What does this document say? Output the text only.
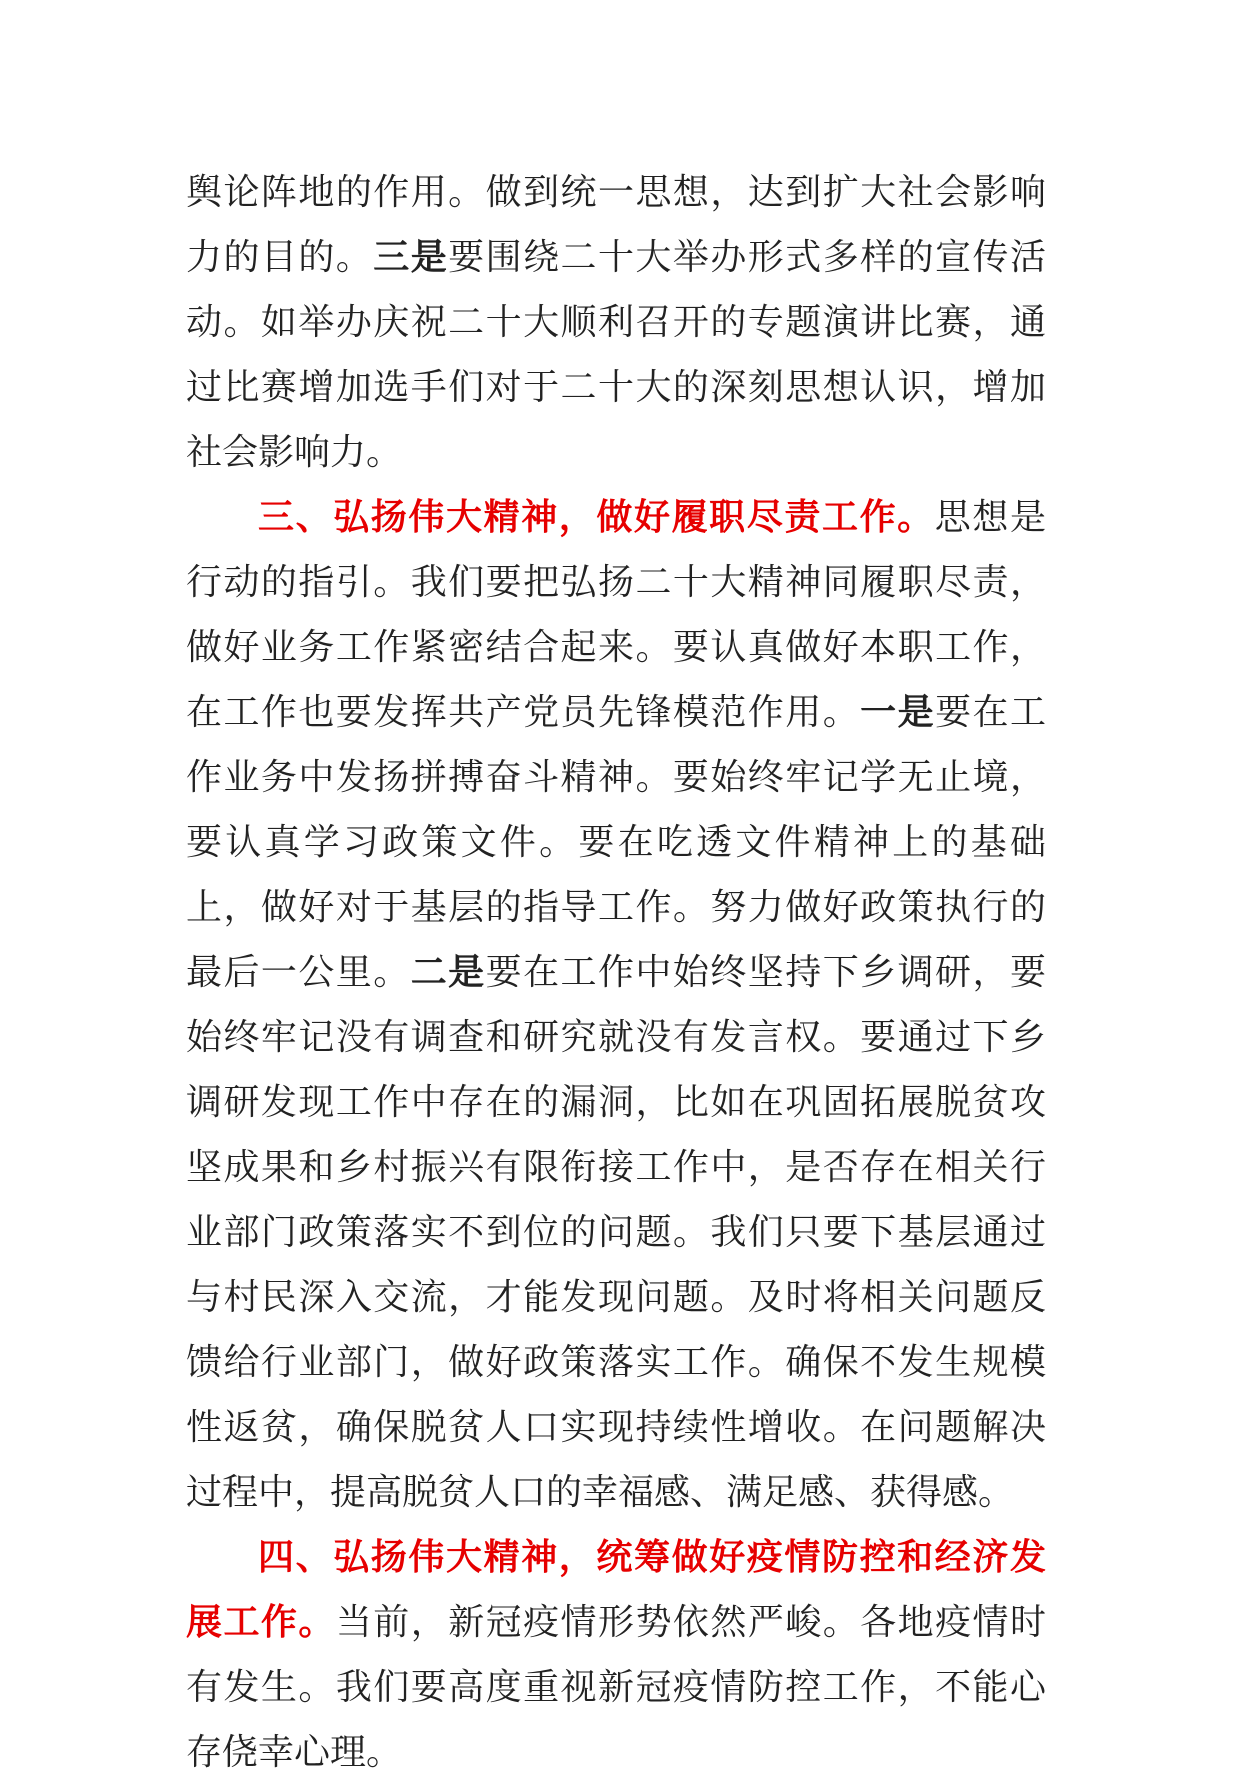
舆论阵地的作用。做到统一思想，达到扩大社会影响力的目的。三是要围绕二十大举办形式多样的宣传活动。如举办庆祝二十大顺利召开的专题演讲比赛，通过比赛增加选手们对于二十大的深刻思想认识，增加社会影响力。

三、弘扬伟大精神，做好履职尽责工作。思想是行动的指引。我们要把弘扬二十大精神同履职尽责，做好业务工作紧密结合起来。要认真做好本职工作，在工作也要发挥共产党员先锋模范作用。一是要在工作业务中发扬拼搏奋斗精神。要始终牢记学无止境，要认真学习政策文件。要在吃透文件精神上的基础上，做好对于基层的指导工作。努力做好政策执行的最后一公里。二是要在工作中始终坚持下乡调研，要始终牢记没有调查和研究就没有发言权。要通过下乡调研发现工作中存在的漏洞，比如在巩固拓展脱贫攻坚成果和乡村振兴有限衔接工作中，是否存在相关行业部门政策落实不到位的问题。我们只要下基层通过与村民深入交流，才能发现问题。及时将相关问题反馈给行业部门，做好政策落实工作。确保不发生规模性返贫，确保脱贫人口实现持续性增收。在问题解决过程中，提高脱贫人口的幸福感、满足感、获得感。

四、弘扬伟大精神，统筹做好疫情防控和经济发展工作。当前，新冠疫情形势依然严峻。各地疫情时有发生。我们要高度重视新冠疫情防控工作，不能心存侥幸心理。
